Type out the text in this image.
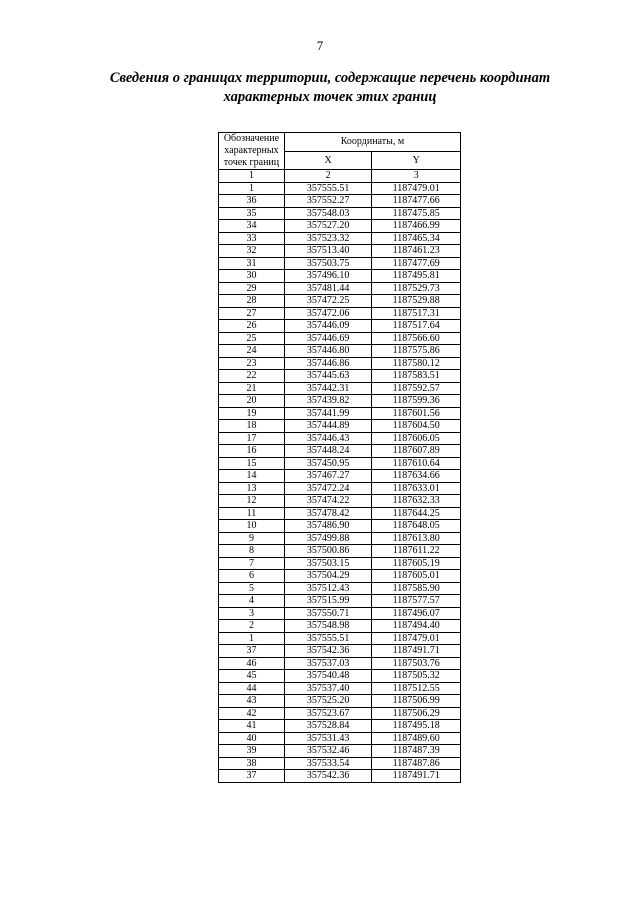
7
Сведения о границах территории, содержащие перечень координат
характерных точек этих границ
Обозначение
характерных
точек границ	Координаты, м	
	X	Y
1	2	3
1	357555.51	1187479.01
36	357552.27	1187477.66
35	357548.03	1187475.85
34	357527.20	1187466.99
33	357523.32	1187465.34
32	357513.40	1187461.23
31	357503.75	1187477.69
30	357496.10	1187495.81
29	357481.44	1187529.73
28	357472.25	1187529.88
27	357472.06	1187517.31
26	357446.09	1187517.64
25	357446.69	1187566.60
24	357446.80	1187575.86
23	357446.86	1187580.12
22	357445.63	1187583.51
21	357442.31	1187592.57
20	357439.82	1187599.36
19	357441.99	1187601.56
18	357444.89	1187604.50
17	357446.43	1187606.05
16	357448.24	1187607.89
15	357450.95	1187610.64
14	357467.27	1187634.66
13	357472.24	1187633.01
12	357474.22	1187632.33
11	357478.42	1187644.25
10	357486.90	1187648.05
9	357499.88	1187613.80
8	357500.86	1187611.22
7	357503.15	1187605.19
6	357504.29	1187605.01
5	357512.43	1187585.90
4	357515.99	1187577.57
3	357550.71	1187496.07
2	357548.98	1187494.40
1	357555.51	1187479.01
37	357542.36	1187491.71
46	357537.03	1187503.76
45	357540.48	1187505.32
44	357537.40	1187512.55
43	357525.20	1187506.99
42	357523.67	1187506.29
41	357528.84	1187495.18
40	357531.43	1187489.60
39	357532.46	1187487.39
38	357533.54	1187487.86
37	357542.36	1187491.71
